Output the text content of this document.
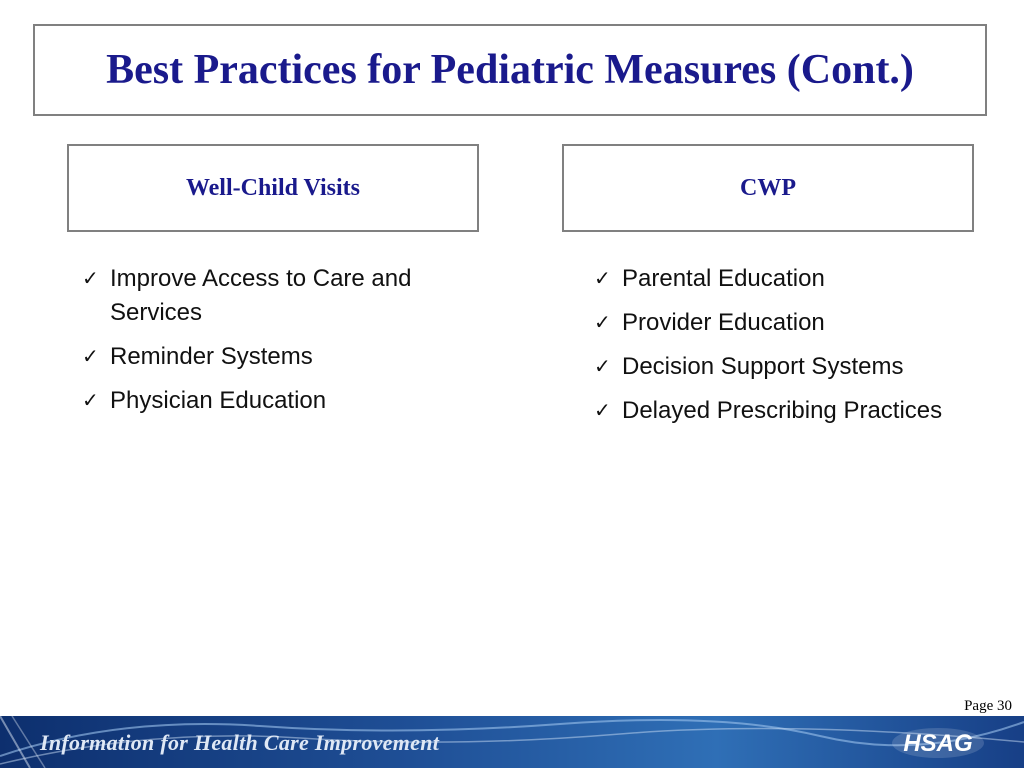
Best Practices for Pediatric Measures (Cont.)
Well-Child Visits	CWP
✓ Improve Access to Care and Services
✓ Reminder Systems
✓ Physician Education
✓ Parental Education
✓ Provider Education
✓ Decision Support Systems
✓ Delayed Prescribing Practices
Page 30
Information for Health Care Improvement	HSAG
